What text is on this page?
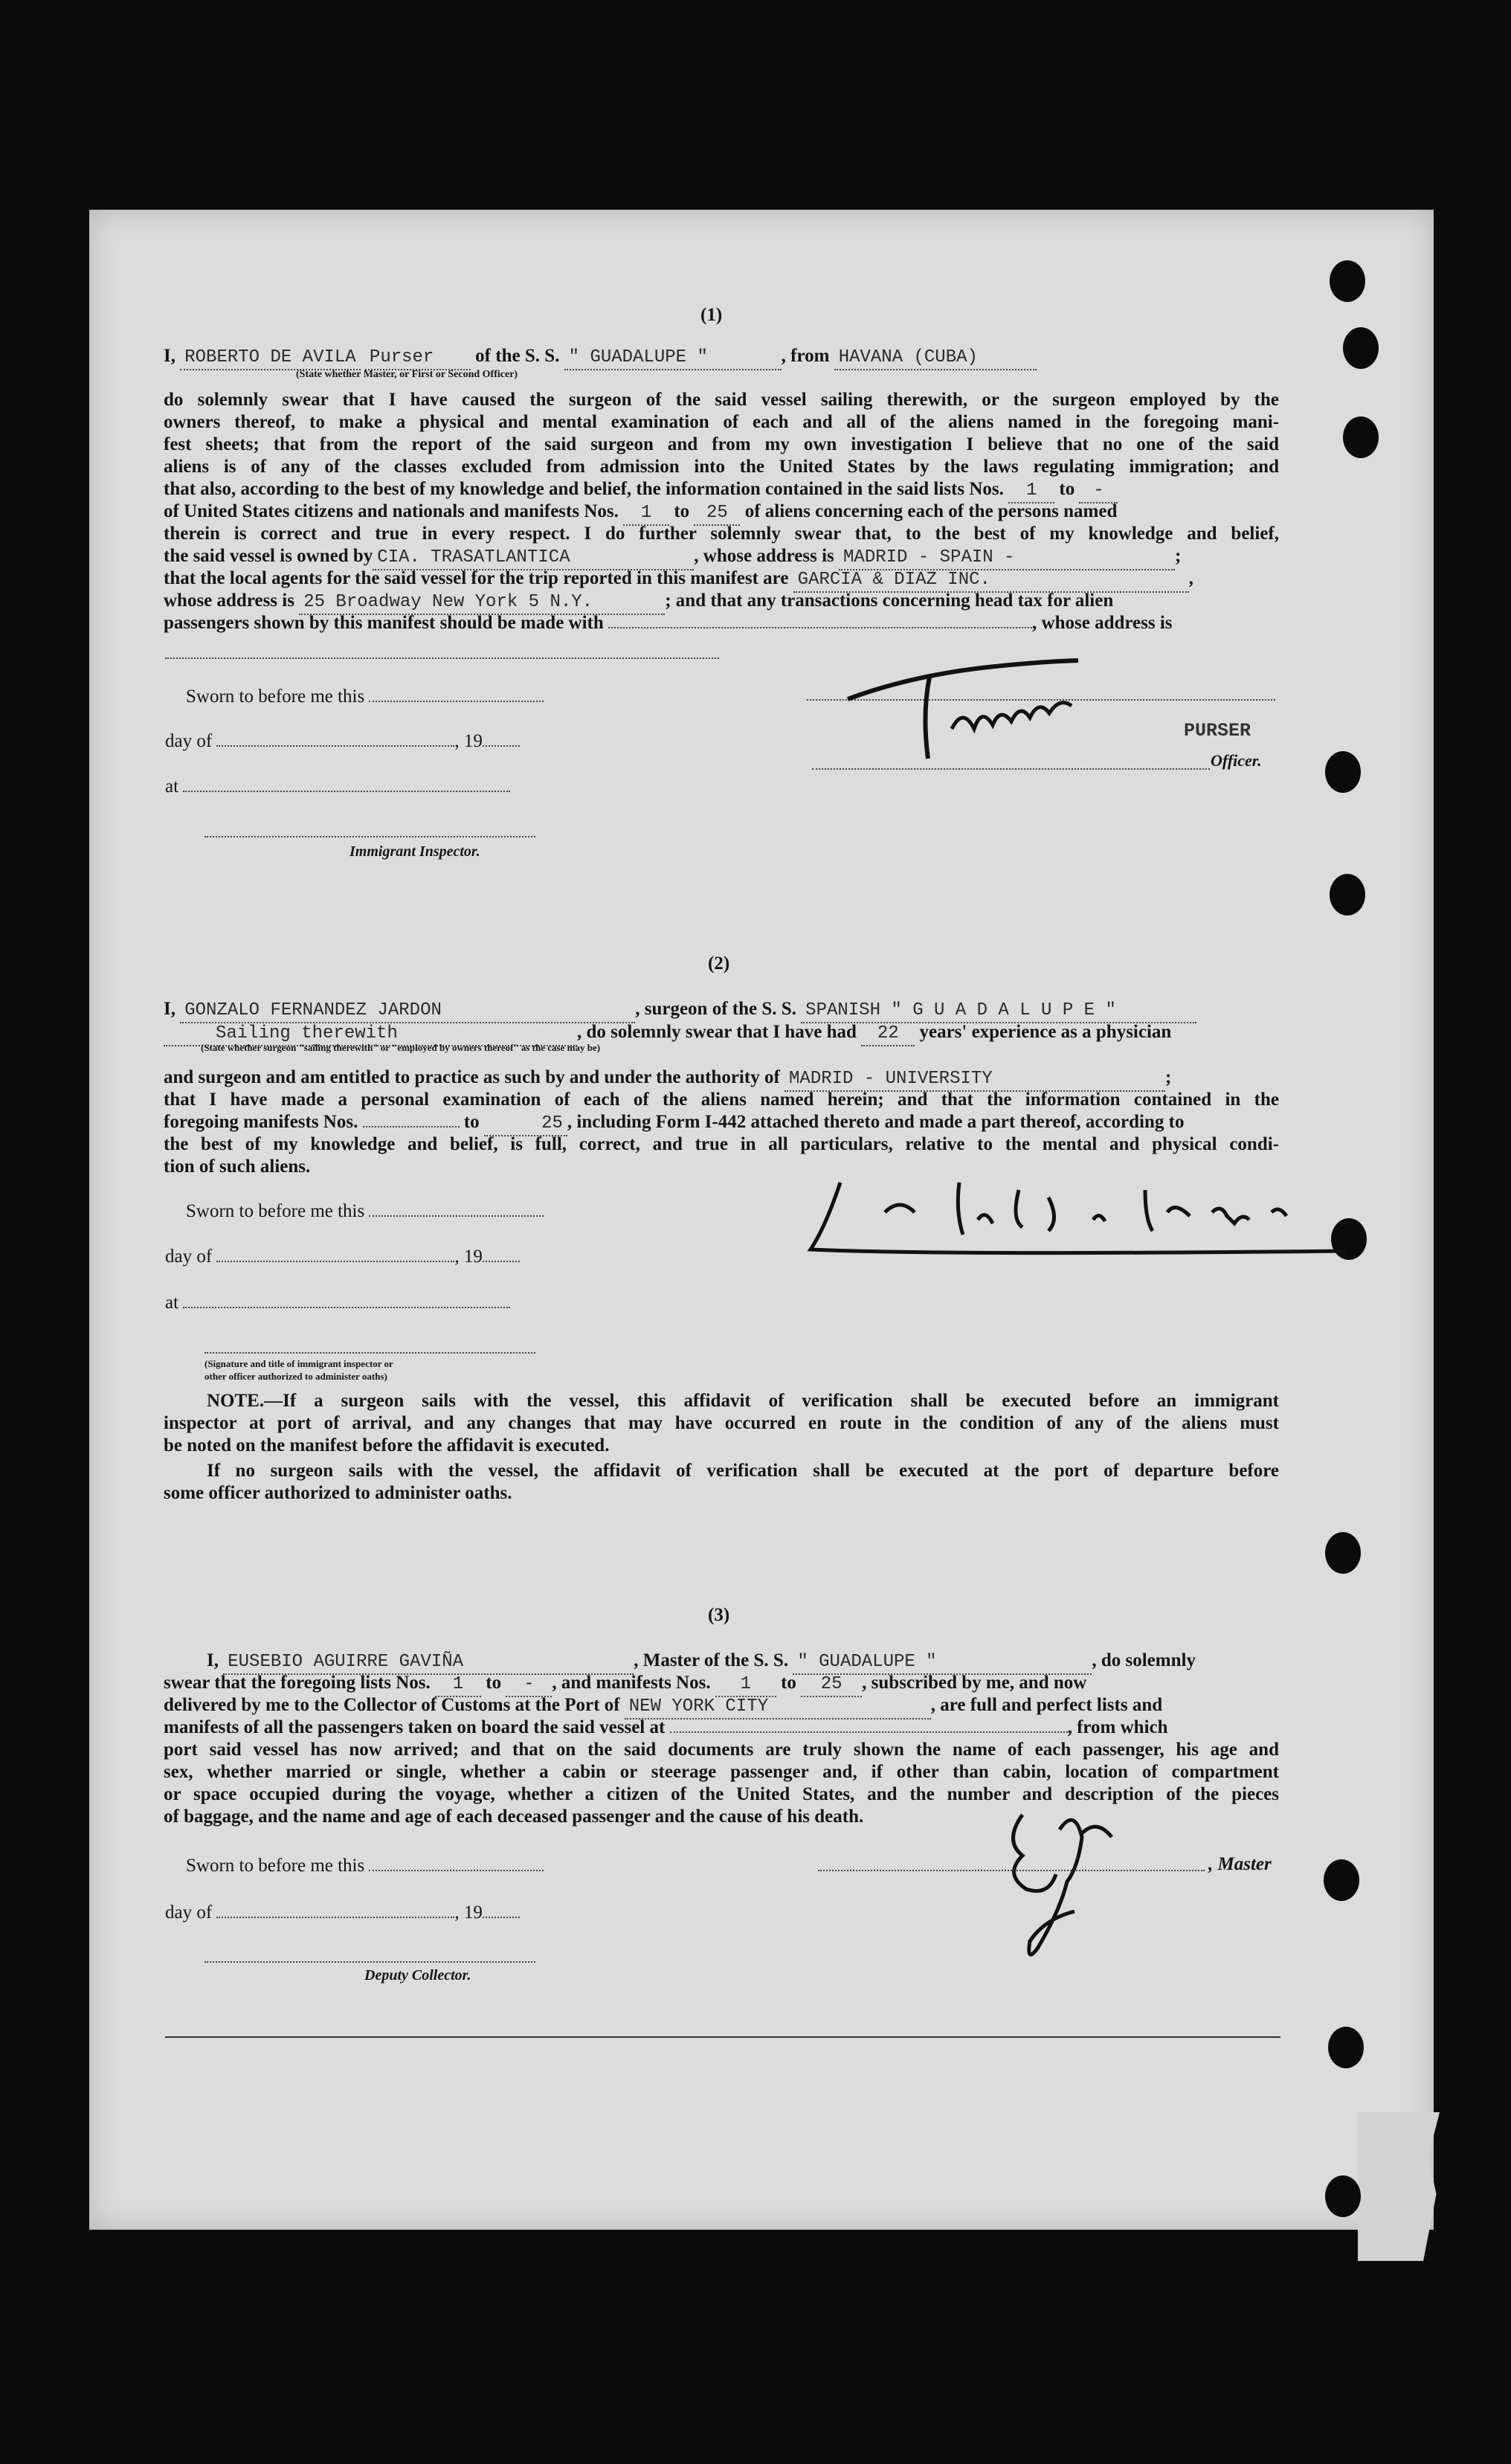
(1)
I, ROBERTO DE AVILA Purser of the S. S. " GUADALUPE "	, from HAVANA (CUBA)
(State whether Master, or First or Second Officer)
do solemnly swear that I have caused the surgeon of the said vessel sailing therewith, or the surgeon employed by the
owners thereof, to make a physical and mental examination of each and all of the aliens named in the foregoing mani-
fest sheets; that from the report of the said surgeon and from my own investigation I believe that no one of the said
aliens is of any of the classes excluded from admission into the United States by the laws regulating immigration; and
that also, according to the best of my knowledge and belief, the information contained in the said lists Nos. 1 to -
of United States citizens and nationals and manifests Nos. 1 to 25 of aliens concerning each of the persons named
therein is correct and true in every respect. I do further solemnly swear that, to the best of my knowledge and belief,
the said vessel is owned by CIA. TRASATLANTICA	, whose address is MADRID - SPAIN -	;
that the local agents for the said vessel for the trip reported in this manifest are GARCIA & DIAZ INC.	,
whose address is 25 Broadway New York 5 N.Y.	; and that any transactions concerning head tax for alien
passengers shown by this manifest should be made with	, whose address is
Sworn to before me this
day of	, 19
at
Immigrant Inspector.
PURSER
Officer.
(2)
I, GONZALO FERNANDEZ JARDON	, surgeon of the S. S. SPANISH " G U A D A L U P E "
Sailing therewith	, do solemnly swear that I have had 22 years' experience as a physician
(State whether surgeon "sailing therewith" or "employed by owners thereof" as the case may be)
and surgeon and am entitled to practice as such by and under the authority of MADRID - UNIVERSITY	;
that I have made a personal examination of each of the aliens named herein; and that the information contained in the
foregoing manifests Nos.	to	25 , including Form I-442 attached thereto and made a part thereof, according to
the best of my knowledge and belief, is full, correct, and true in all particulars, relative to the mental and physical condi-
tion of such aliens.
Sworn to before me this
day of	, 19
at
(Signature and title of immigrant inspector or
other officer authorized to administer oaths)
NOTE.—If a surgeon sails with the vessel, this affidavit of verification shall be executed before an immigrant
inspector at port of arrival, and any changes that may have occurred en route in the condition of any of the aliens must
be noted on the manifest before the affidavit is executed.
If no surgeon sails with the vessel, the affidavit of verification shall be executed at the port of departure before
some officer authorized to administer oaths.
(3)
I, EUSEBIO AGUIRRE GAVIÑA	, Master of the S. S. " GUADALUPE "	, do solemnly
swear that the foregoing lists Nos. 1 to - , and manifests Nos. 1 to 25 , subscribed by me, and now
delivered by me to the Collector of Customs at the Port of NEW YORK CITY	, are full and perfect lists and
manifests of all the passengers taken on board the said vessel at	, from which
port said vessel has now arrived; and that on the said documents are truly shown the name of each passenger, his age and
sex, whether married or single, whether a cabin or steerage passenger and, if other than cabin, location of compartment
or space occupied during the voyage, whether a citizen of the United States, and the number and description of the pieces
of baggage, and the name and age of each deceased passenger and the cause of his death.
Sworn to before me this	, Master
day of	, 19
Deputy Collector.
